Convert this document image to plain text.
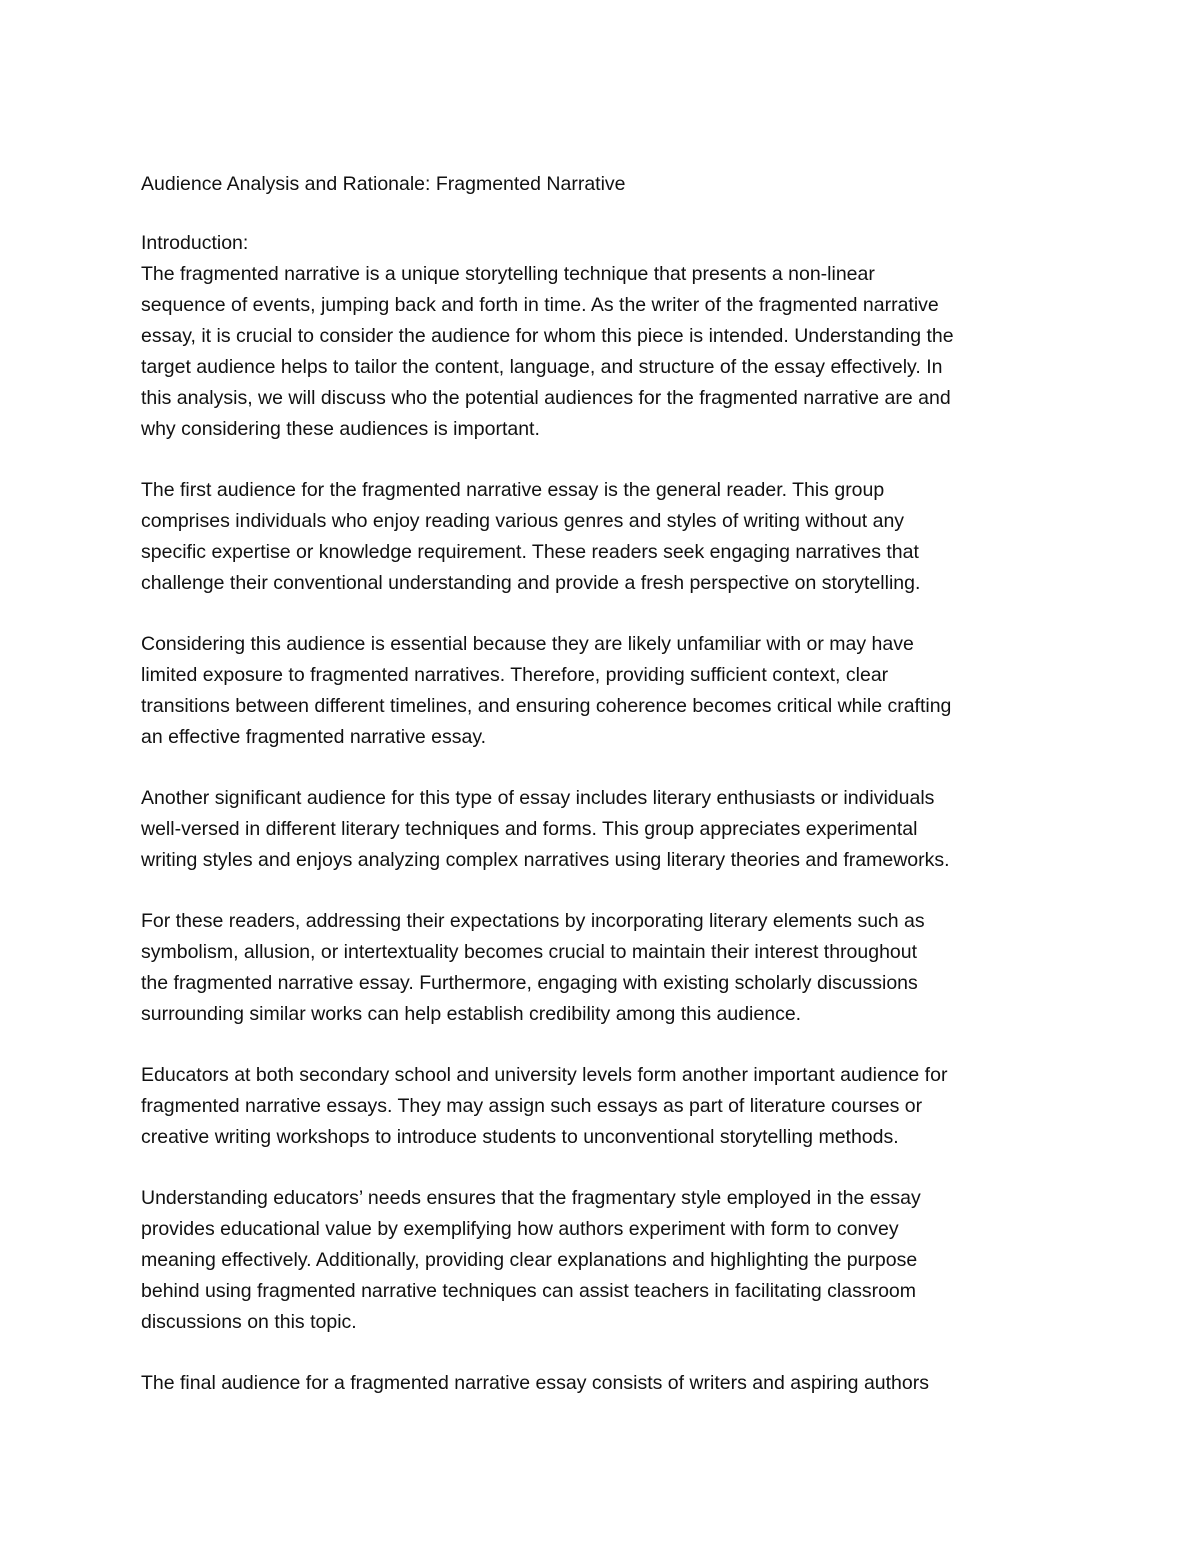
Audience Analysis and Rationale: Fragmented Narrative
Introduction:
The fragmented narrative is a unique storytelling technique that presents a non-linear
sequence of events, jumping back and forth in time. As the writer of the fragmented narrative
essay, it is crucial to consider the audience for whom this piece is intended. Understanding the
target audience helps to tailor the content, language, and structure of the essay effectively. In
this analysis, we will discuss who the potential audiences for the fragmented narrative are and
why considering these audiences is important.
The first audience for the fragmented narrative essay is the general reader. This group
comprises individuals who enjoy reading various genres and styles of writing without any
specific expertise or knowledge requirement. These readers seek engaging narratives that
challenge their conventional understanding and provide a fresh perspective on storytelling.
Considering this audience is essential because they are likely unfamiliar with or may have
limited exposure to fragmented narratives. Therefore, providing sufficient context, clear
transitions between different timelines, and ensuring coherence becomes critical while crafting
an effective fragmented narrative essay.
Another significant audience for this type of essay includes literary enthusiasts or individuals
well-versed in different literary techniques and forms. This group appreciates experimental
writing styles and enjoys analyzing complex narratives using literary theories and frameworks.
For these readers, addressing their expectations by incorporating literary elements such as
symbolism, allusion, or intertextuality becomes crucial to maintain their interest throughout
the fragmented narrative essay. Furthermore, engaging with existing scholarly discussions
surrounding similar works can help establish credibility among this audience.
Educators at both secondary school and university levels form another important audience for
fragmented narrative essays. They may assign such essays as part of literature courses or
creative writing workshops to introduce students to unconventional storytelling methods.
Understanding educators’ needs ensures that the fragmentary style employed in the essay
provides educational value by exemplifying how authors experiment with form to convey
meaning effectively. Additionally, providing clear explanations and highlighting the purpose
behind using fragmented narrative techniques can assist teachers in facilitating classroom
discussions on this topic.
The final audience for a fragmented narrative essay consists of writers and aspiring authors
